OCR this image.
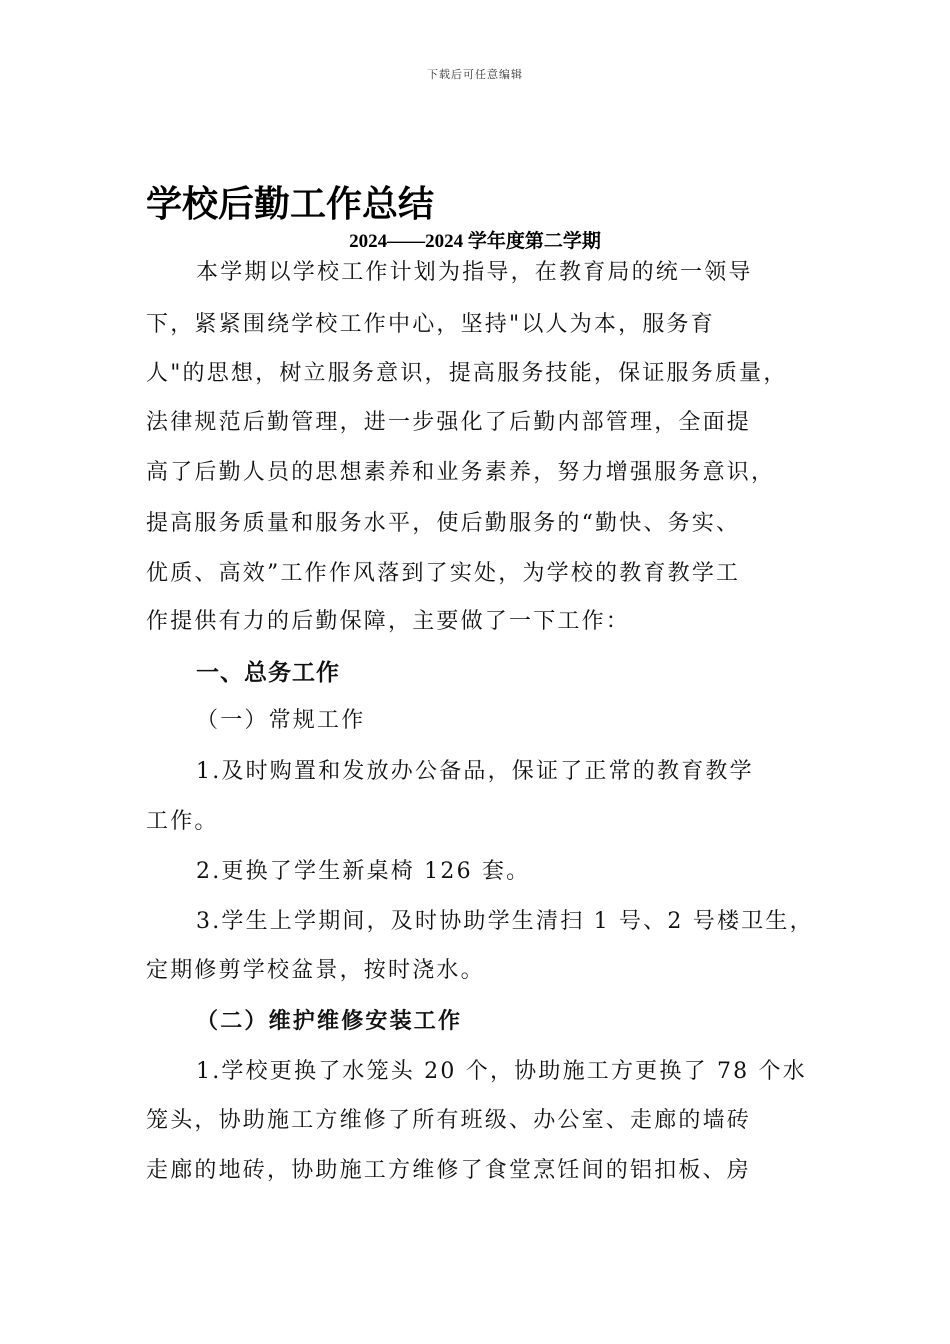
下载后可任意编辑
学校后勤工作总结
2024——2024 学年度第二学期
本学期以学校工作计划为指导，在教育局的统一领导
下，紧紧围绕学校工作中心，坚持"以人为本，服务育
人"的思想，树立服务意识，提高服务技能，保证服务质量，
法律规范后勤管理，进一步强化了后勤内部管理，全面提
高了后勤人员的思想素养和业务素养，努力增强服务意识，
提高服务质量和服务水平，使后勤服务的“勤快、务实、
优质、高效”工作作风落到了实处，为学校的教育教学工
作提供有力的后勤保障，主要做了一下工作：
一、总务工作
（一）常规工作
1.及时购置和发放办公备品，保证了正常的教育教学
工作。
2.更换了学生新桌椅 126 套。
3.学生上学期间，及时协助学生清扫 1 号、2 号楼卫生，
定期修剪学校盆景，按时浇水。
（二）维护维修安装工作
1.学校更换了水笼头 20 个，协助施工方更换了 78 个水
笼头，协助施工方维修了所有班级、办公室、走廊的墙砖
走廊的地砖，协助施工方维修了食堂烹饪间的铝扣板、房
